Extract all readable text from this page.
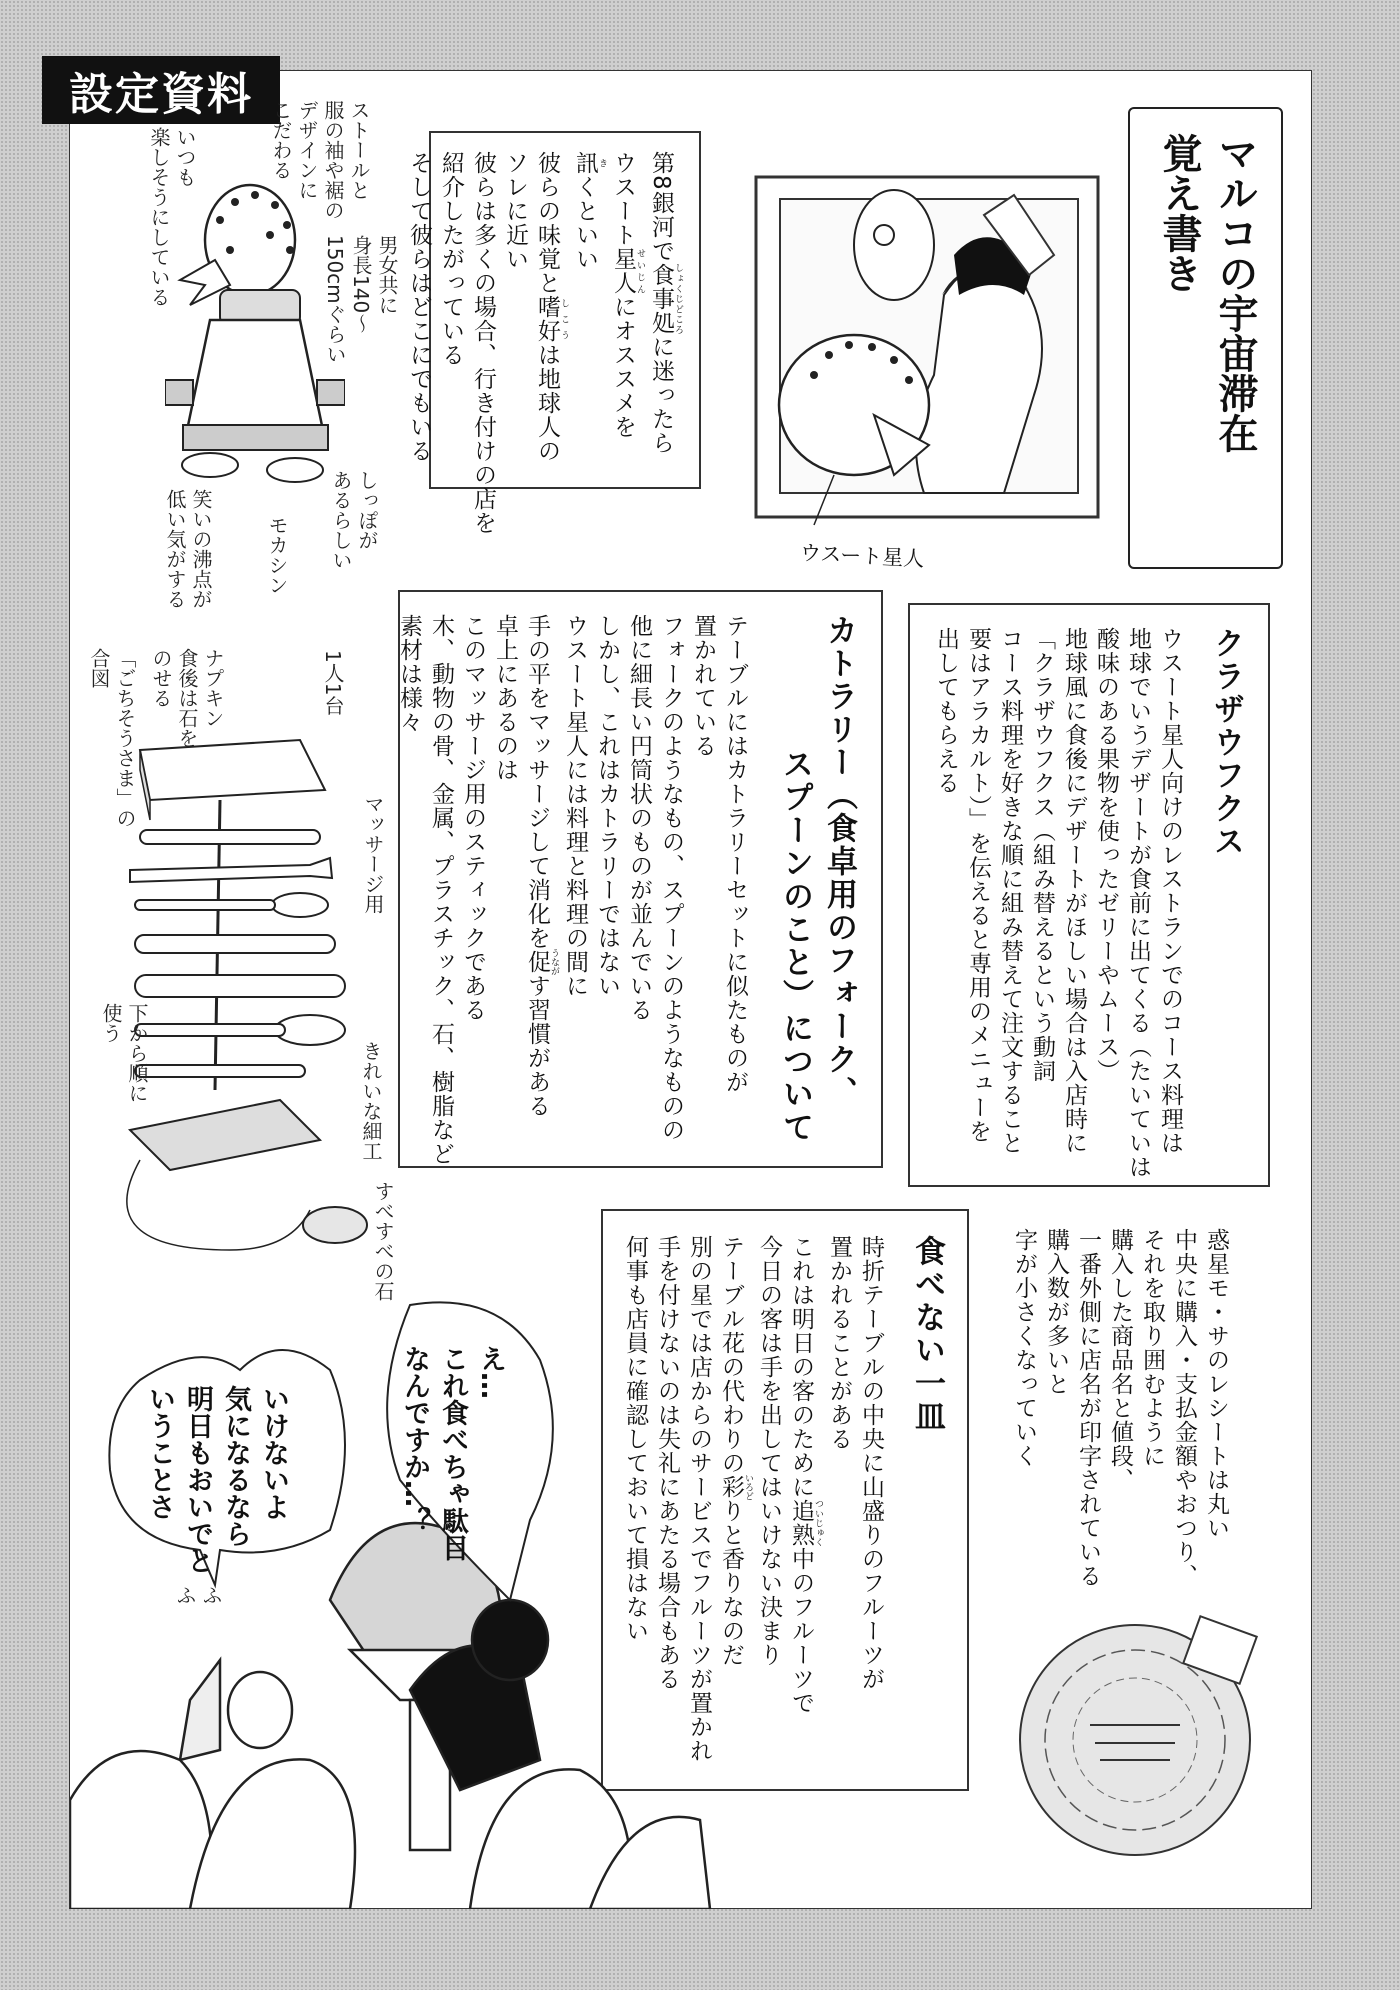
設定資料
マルコの宇宙滞在
覚え書き
ウスート星人
第8銀河で食事処 しょくじどころに迷ったら
ウスート星人 せいじんにオススメを
訊 きくといい
彼らの味覚と嗜好 しこうは地球人の
ソレに近い
彼らは多くの場合、行き付けの店を
紹介したがっている
そして彼らはどこにでもいる
カトラリー（食卓用のフォーク、
スプーンのこと）について
テーブルにはカトラリーセットに似たものが
置かれている
フォークのようなもの、スプーンのようなものの
他に細長い円筒状のものが並んでいる
しかし、これはカトラリーではない
ウスート星人には料理と料理の間に
手の平をマッサージして消化を促 うながす習慣がある
卓上にあるのは
このマッサージ用のスティックである
木、動物の骨、金属、プラスチック、石、樹脂など
素材は様々	クラザウフクス
ウスート星人向けのレストランでのコース料理は
地球でいうデザートが食前に出てくる（たいていは
酸味のある果物を使ったゼリーやムース）
地球風に食後にデザートがほしい場合は入店時に
「クラザウフクス（組み替えるという動詞
コース料理を好きな順に組み替えて注文すること
要はアラカルト）」を伝えると専用のメニューを
出してもらえる
食べない一皿
時折テーブルの中央に山盛りのフルーツが
置かれることがある
これは明日の客のために追熟 ついじゅく中のフルーツで
今日の客は手を出してはいけない決まり
テーブル花の代わりの彩 いろどりと香りなのだ
別の星では店からのサービスでフルーツが置かれ
手を付けないのは失礼にあたる場合もある
何事も店員に確認しておいて損はない	惑星モ・サのレシートは丸い
中央に購入・支払金額やおつり、
それを取り囲むように
購入した商品名と値段、
一番外側に店名が印字されている
購入数が多いと
字が小さくなっていく
え…
これ食べちゃ駄目
なんですか…？
いけないよ
気になるなら
明日もおいでと
いうことさ
ふ
ふ
ストールと
服の袖や裾の
デザインに
こだわる
いつも
楽しそうにしている	男女共に
身長140〜
150cmぐらい
しっぽが
あるらしい
モカシン
笑いの沸点が
低い気がする
1人1台
ナプキン
食後は石を
のせる
「ごちそうさま」の
合図
マッサージ用
きれいな細工
下から順に
使う
すべすべの石
